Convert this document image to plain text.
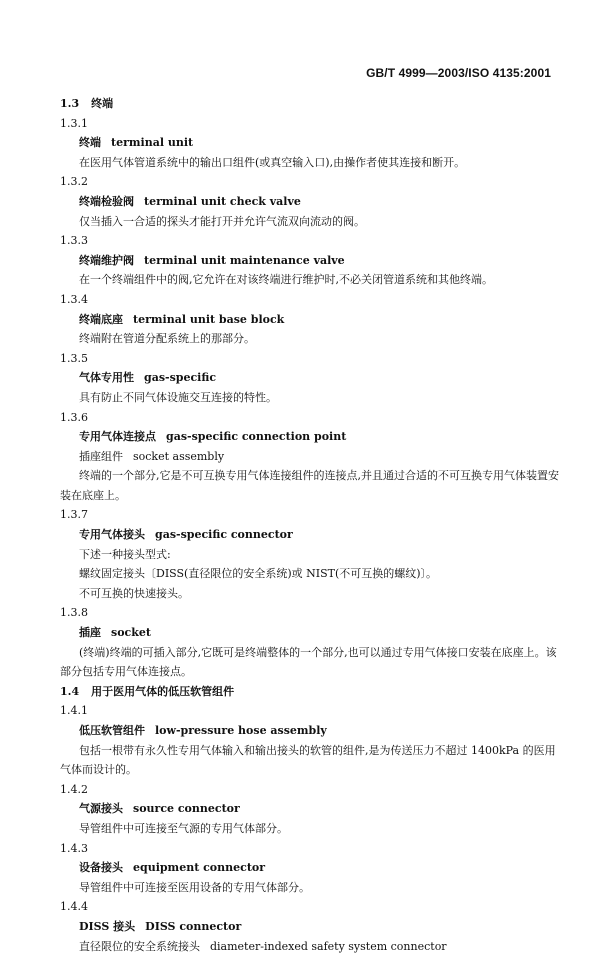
GB/T 4999—2003/ISO 4135:2001
1.3 终端
1.3.1
终端 terminal unit
在医用气体管道系统中的输出口组件(或真空输入口),由操作者使其连接和断开。
1.3.2
终端检验阀 terminal unit check valve
仅当插入一合适的探头才能打开并允许气流双向流动的阀。
1.3.3
终端维护阀 terminal unit maintenance valve
在一个终端组件中的阀,它允许在对该终端进行维护时,不必关闭管道系统和其他终端。
1.3.4
终端底座 terminal unit base block
终端附在管道分配系统上的那部分。
1.3.5
气体专用性 gas-specific
具有防止不同气体设施交互连接的特性。
1.3.6
专用气体连接点 gas-specific connection point
插座组件 socket assembly
终端的一个部分,它是不可互换专用气体连接组件的连接点,并且通过合适的不可互换专用气体装置安装在底座上。
1.3.7
专用气体接头 gas-specific connector
下述一种接头型式:
螺纹固定接头〔DISS(直径限位的安全系统)或 NIST(不可互换的螺纹)〕。
不可互换的快速接头。
1.3.8
插座 socket
(终端)终端的可插入部分,它既可是终端整体的一个部分,也可以通过专用气体接口安装在底座上。该部分包括专用气体连接点。
1.4 用于医用气体的低压软管组件
1.4.1
低压软管组件 low-pressure hose assembly
包括一根带有永久性专用气体输入和输出接头的软管的组件,是为传送压力不超过 1400kPa 的医用气体而设计的。
1.4.2
气源接头 source connector
导管组件中可连接至气源的专用气体部分。
1.4.3
设备接头 equipment connector
导管组件中可连接至医用设备的专用气体部分。
1.4.4
DISS 接头 DISS connector
直径限位的安全系统接头 diameter-indexed safety system connector
